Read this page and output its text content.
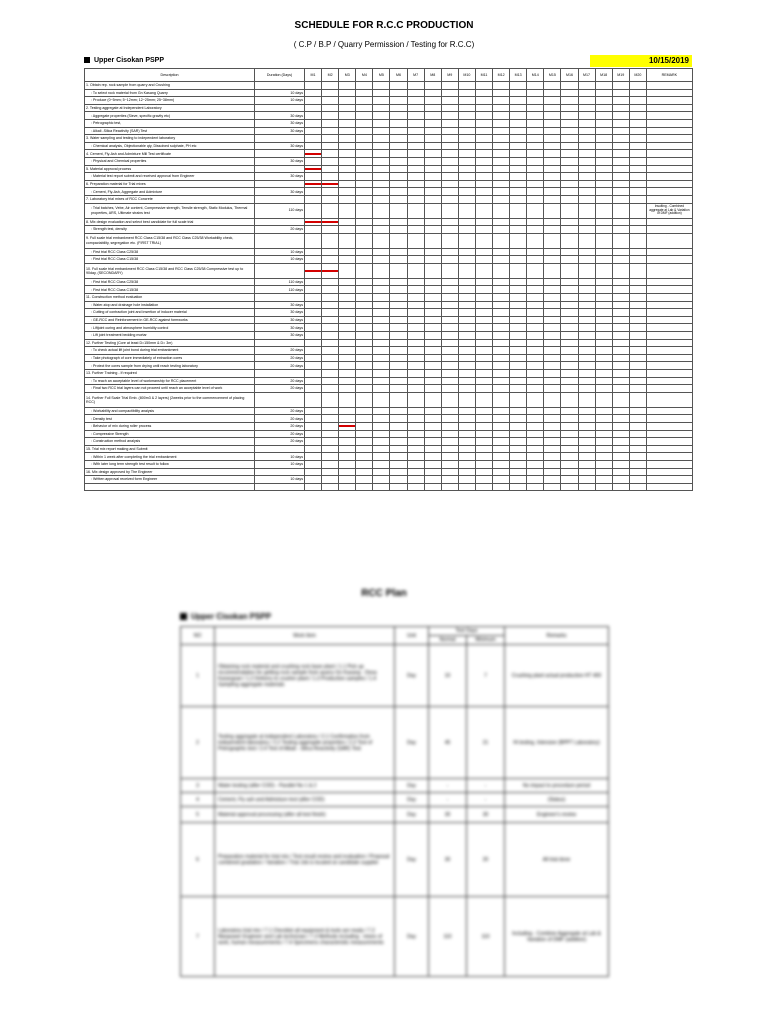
SCHEDULE FOR R.C.C PRODUCTION
( C.P / B.P / Quarry Permission / Testing for R.C.C)
Upper Cisokan PSPP	10/15/2019
Description	Duration (Days)	M1	M2	M3	M4	M5	M6	M7	M8	M9	M10	M11	M12	M13	M14	M15	M16	M17	M18	M19	M20	REMARK
1. Obtain rep. rock sample from quarry and Crushing																						
: To select rock material from Gn Kasang Quarry	10 days																					
: Produce (0~5mm; 5~12mm; 12~25mm; 25~38mm)	10 days																					
2. Testing aggregate at Independent Laboratory																						
: Aggregate properties (Sieve, specific gravity etc)	30 days																					
: Petrographic test,	30 days																					
: Alkali -Silica Reactivity (SAR) Test	30 days																					
3. Water sampling and testing to independent laboratory																						
: Chemical analysis, Objectionable qty, Dissolved sulphate, PH etc	30 days																					
4. Cement, Fly-Ash and Admixture Mill Test certificate		

: Physical and Chemical properties	30 days																					
5. Material approval process		

: Material test report submit and received approval from Engineer	30 days																					
6. Preparation material for Trial mixes		

: Cement, Fly-Ash, Aggregate and Admixture	30 days																					
7. Laboratory trial mixes of RCC Concrete																						
: Trial batches, Vebe, Air content, Compressive strength, Tensile strength, Static Modulus, Thermal properties, ARS, Ultimate strains test	110 days																					Insulting - Combined aggregate at Lab & Variation of DMF (addition)
8. Mix design evaluation and select best candidate for full scale trial		

: Strength test, density	20 days																					
9. Full scale trial embankment RCC Class C15/38 and RCC Class C25/38 Workability check, compactability, segregation etc. (FIRST TRIAL)																						
: First trial RCC Class C25/38	10 days																					
: First trial RCC Class C15/38	10 days																					
10. Full scale trial embankment RCC Class C15/38 and RCC Class C25/38 Compressive test up to 90day, (SECONDARY)		

: First trial RCC Class C25/38	110 days																					
: First trial RCC Class C15/38	110 days																					
11. Construction method evaluation																						
: Water-stop and drainage hole installation	30 days																					
: Cutting of contraction joint and insertion of inducer material	30 days																					
: GE-RCC and Reinforcement in GE-RCC against formworks	30 days																					
: Liftjoint curing and atmosphere humidity control	30 days																					
: Lift joint treatment bedding mortar	30 days																					
12. Further Testing (Core at least D=150mm & D= 3m)																						
: To check actual lift joint bond during trial embankment	20 days																					
: Take photograph of core immediately of extraction cores	20 days																					
: Protect the cores sample from drying until reach testing laboratory	20 days																					
13. Further Training - If required																						
: To reach an acceptable level of workmanship for RCC placement	20 days																					
: Final two RCC trial layers can not proceed until reach an acceptable level of work	20 days																					
14. Further Full Scale Trial Emb. (800m3 & 2 layers) (2weeks prior to the commencement of placing RCC)																						
: Workability and compactibility analysis	20 days																					
: Density test	20 days																					
: Behavior of mix during roller process	20 days			

: Compressive Strength	20 days																					
: Construction method analysis	20 days																					
15. Trial mix report making and Submit																						
: Within 1 week after completing the trial embankment	10 days																					
: With later long term strength test result to follow	10 days																					
16. Mix design approved by The Engineer																						
: Written approval received form Engineer	10 days																					

RCC Plan
Upper Cisokan PSPP
NO	Work Item	Unit	Test Days		Remarks
			Normal	Minimum	
1	Obtaining rock material and crushing rock base plant / 1.1 Pick up recommendation for getting rock sample from quarry Gn Kasang - Desa Karangsari / 1.2 Delivery to crusher plant / 1.3 Production samples / 1.4 Sampling aggregate materials	Day	10	7	Crushing plant actual production HT 400
2	Testing aggregate at independent Laboratory / 2.1 Confirmation from independent laboratory / 2.2 Testing aggregate properties / 2.3 Test of Petrographic test / 2.4 Test of Alkali - Silica Reactivity (SAR) Test	Day	45	21	Hi testing, Intensive (BPPT Laboratory)
3	Water testing (after COD) - Parallel No 1 & 2	Day	-	-	No impact to procedure period
4	Cement, Fly ash and Admixture test (after COD)	Day	-	-	(Status)
5	Material approval processing (after all test finish)	Day	30	30	Engineer's review
6	Preparation material for trial mix / Test result review and evaluation / Proposal combined gradation / Variation / Trial Job is located at candidate supplier	Day	30	20	All trial done
7	Laboratory trial mix / 7.1 Checklist all equipment & tools are ready / 7.2 Manpower Engineer and Lab technician / 7.3 Methods including - mixes of work, human measurements / 7.4 Specimens characteristic measurements	Day	110	110	Including - Combine Aggregate at Lab & Variation of DMF (addition)
